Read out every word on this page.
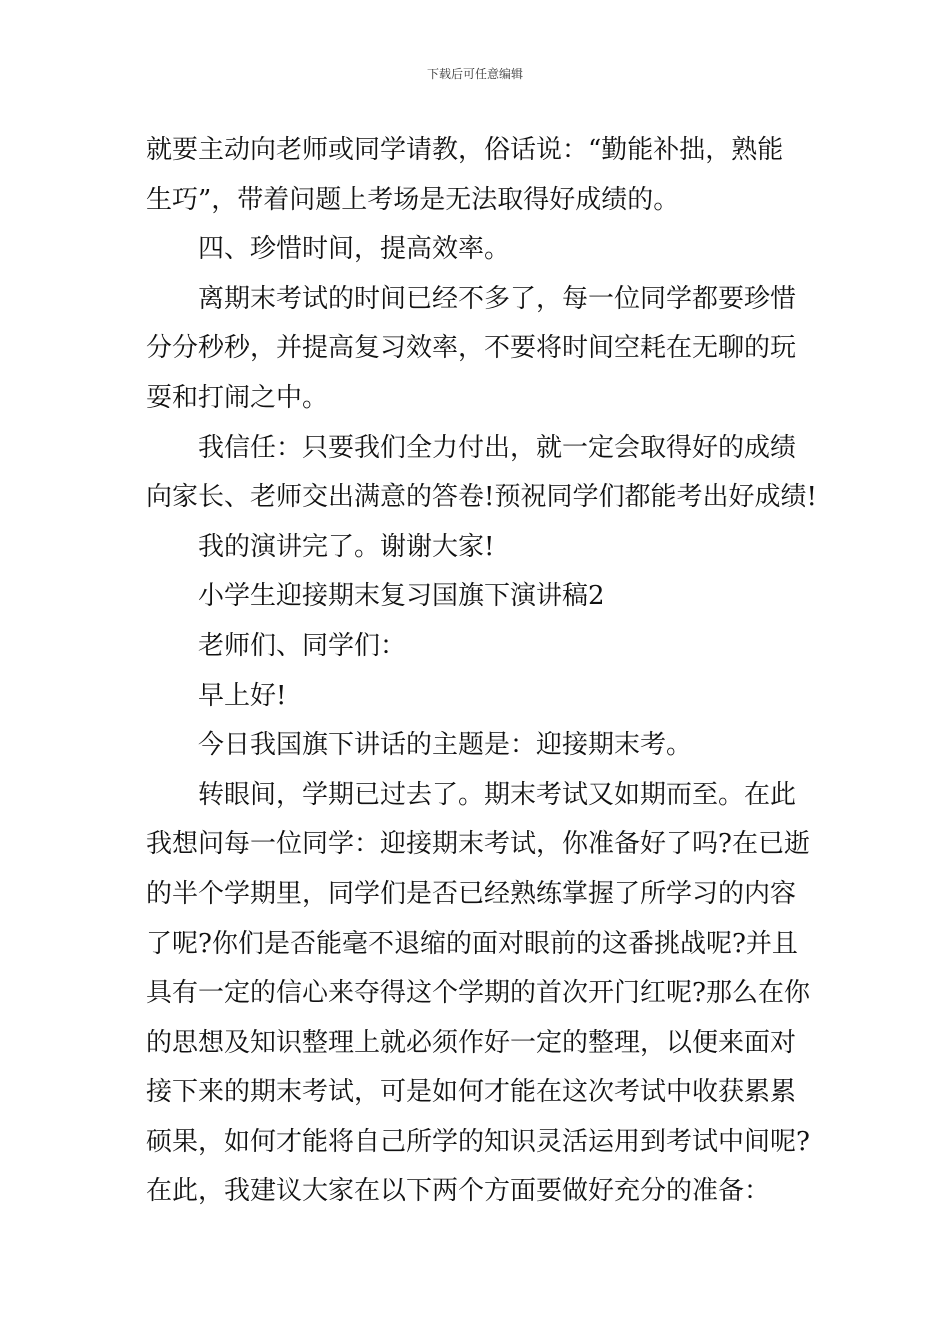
下载后可任意编辑
就要主动向老师或同学请教，俗话说：“勤能补拙，熟能
生巧”，带着问题上考场是无法取得好成绩的。
四、珍惜时间，提高效率。
离期末考试的时间已经不多了，每一位同学都要珍惜
分分秒秒，并提高复习效率，不要将时间空耗在无聊的玩
耍和打闹之中。
我信任：只要我们全力付出，就一定会取得好的成绩
向家长、老师交出满意的答卷!预祝同学们都能考出好成绩!
我的演讲完了。谢谢大家!
小学生迎接期末复习国旗下演讲稿2
老师们、同学们：
早上好!
今日我国旗下讲话的主题是：迎接期末考。
转眼间，学期已过去了。期末考试又如期而至。在此
我想问每一位同学：迎接期末考试，你准备好了吗?在已逝
的半个学期里，同学们是否已经熟练掌握了所学习的内容
了呢?你们是否能毫不退缩的面对眼前的这番挑战呢?并且
具有一定的信心来夺得这个学期的首次开门红呢?那么在你
的思想及知识整理上就必须作好一定的整理，以便来面对
接下来的期末考试，可是如何才能在这次考试中收获累累
硕果，如何才能将自己所学的知识灵活运用到考试中间呢?
在此，我建议大家在以下两个方面要做好充分的准备：
